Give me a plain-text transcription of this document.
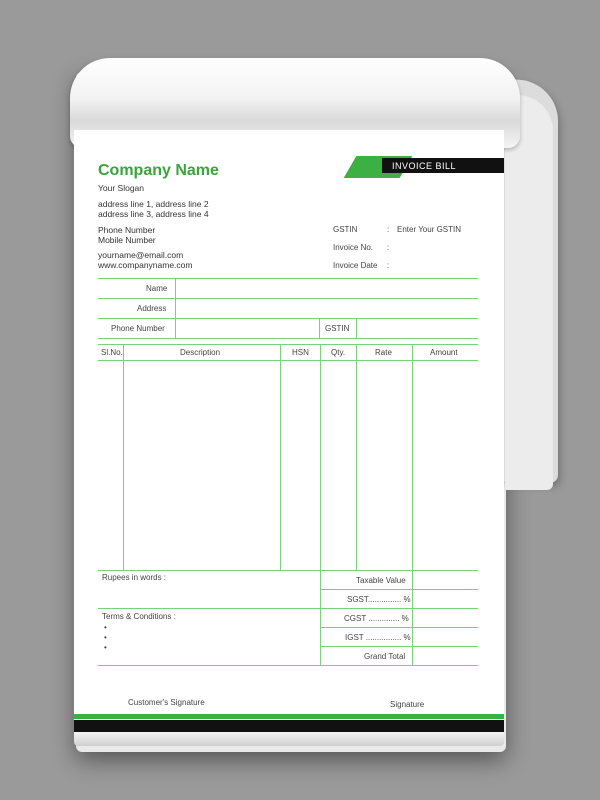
Company Name
Your Slogan
address line 1, address line 2
address line 3, address line 4
Phone Number
Mobile Number
yourname@email.com
www.companyname.com
INVOICE BILL
GSTIN	: Enter Your GSTIN
Invoice No. :
Invoice Date :
Name
Address
Phone Number	GSTIN
Sl.No.	Description	HSN	Qty.	Rate	Amount
Rupees in words :
Terms & Conditions :
•
•
•
Taxable Value
SGST............... %
CGST .............. %
IGST ................ %
Grand Total
Customer's Signature	Signature
